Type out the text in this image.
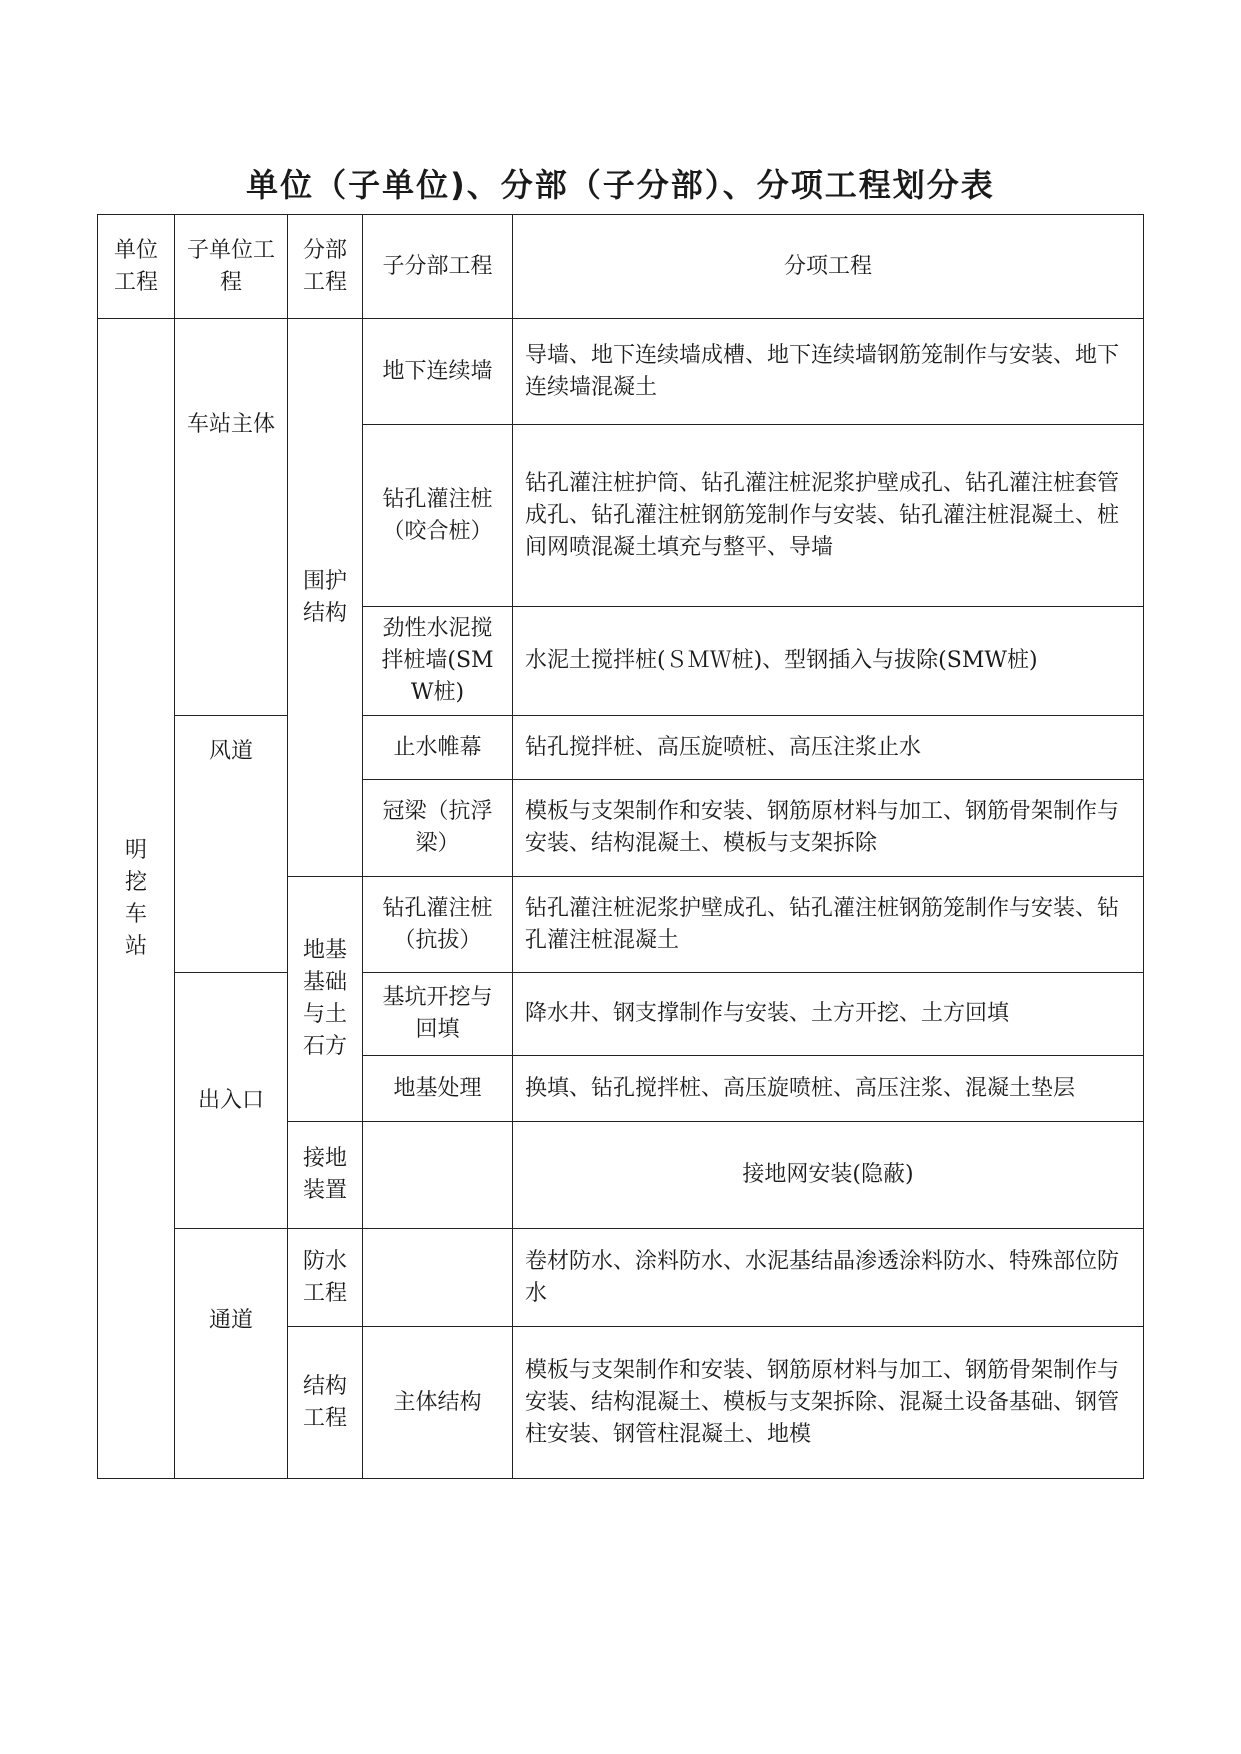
单位（子单位)、分部（子分部）、分项工程划分表
单位工程	子单位工程	分部工程	子分部工程	分项工程
明挖车站	车站主体	围护结构	地下连续墙	导墙、地下连续墙成槽、地下连续墙钢筋笼制作与安装、地下连续墙混凝土
			钻孔灌注桩（咬合桩）	钻孔灌注桩护筒、钻孔灌注桩泥浆护壁成孔、钻孔灌注桩套管成孔、钻孔灌注桩钢筋笼制作与安装、钻孔灌注桩混凝土、桩间网喷混凝土填充与整平、导墙
			劲性水泥搅拌桩墙(SMW桩)	水泥土搅拌桩(ＳＭＷ桩)、型钢插入与拔除(SMW桩)
	风道		止水帷幕	钻孔搅拌桩、高压旋喷桩、高压注浆止水
			冠梁（抗浮梁）	模板与支架制作和安装、钢筋原材料与加工、钢筋骨架制作与安装、结构混凝土、模板与支架拆除
		地基基础与土石方	钻孔灌注桩（抗拔）	钻孔灌注桩泥浆护壁成孔、钻孔灌注桩钢筋笼制作与安装、钻孔灌注桩混凝土
	出入口		基坑开挖与回填	降水井、钢支撑制作与安装、土方开挖、土方回填
			地基处理	换填、钻孔搅拌桩、高压旋喷桩、高压注浆、混凝土垫层
		接地装置		接地网安装(隐蔽)
	通道	防水工程		卷材防水、涂料防水、水泥基结晶渗透涂料防水、特殊部位防水
		结构工程	主体结构	模板与支架制作和安装、钢筋原材料与加工、钢筋骨架制作与安装、结构混凝土、模板与支架拆除、混凝土设备基础、钢管柱安装、钢管柱混凝土、地模
